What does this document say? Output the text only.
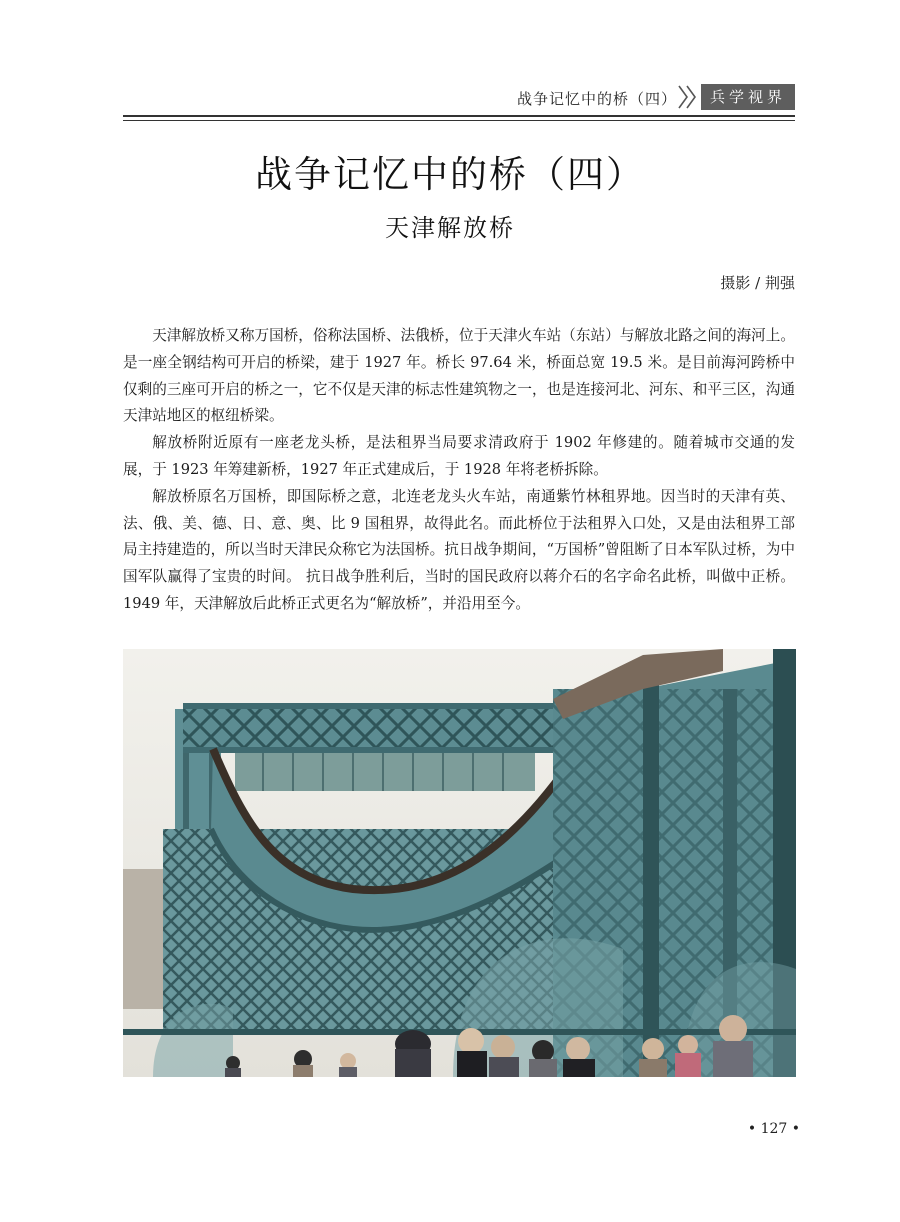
战争记忆中的桥（四）	兵学视界
战争记忆中的桥（四）
天津解放桥
摄影 / 荆强

天津解放桥又称万国桥，俗称法国桥、法俄桥，位于天津火车站（东站）与解放北路之间的海河上。是一座全钢结构可开启的桥梁，建于 1927 年。桥长 97.64 米，桥面总宽 19.5 米。是目前海河跨桥中仅剩的三座可开启的桥之一，它不仅是天津的标志性建筑物之一，也是连接河北、河东、和平三区，沟通天津站地区的枢纽桥梁。

解放桥附近原有一座老龙头桥，是法租界当局要求清政府于 1902 年修建的。随着城市交通的发展，于 1923 年筹建新桥，1927 年正式建成后，于 1928 年将老桥拆除。

解放桥原名万国桥，即国际桥之意，北连老龙头火车站，南通紫竹林租界地。因当时的天津有英、法、俄、美、德、日、意、奥、比 9 国租界，故得此名。而此桥位于法租界入口处，又是由法租界工部局主持建造的，所以当时天津民众称它为法国桥。抗日战争期间，“万国桥”曾阻断了日本军队过桥，为中国军队赢得了宝贵的时间。 抗日战争胜利后，当时的国民政府以蒋介石的名字命名此桥，叫做中正桥。1949 年，天津解放后此桥正式更名为“解放桥”，并沿用至今。

• 127 •
